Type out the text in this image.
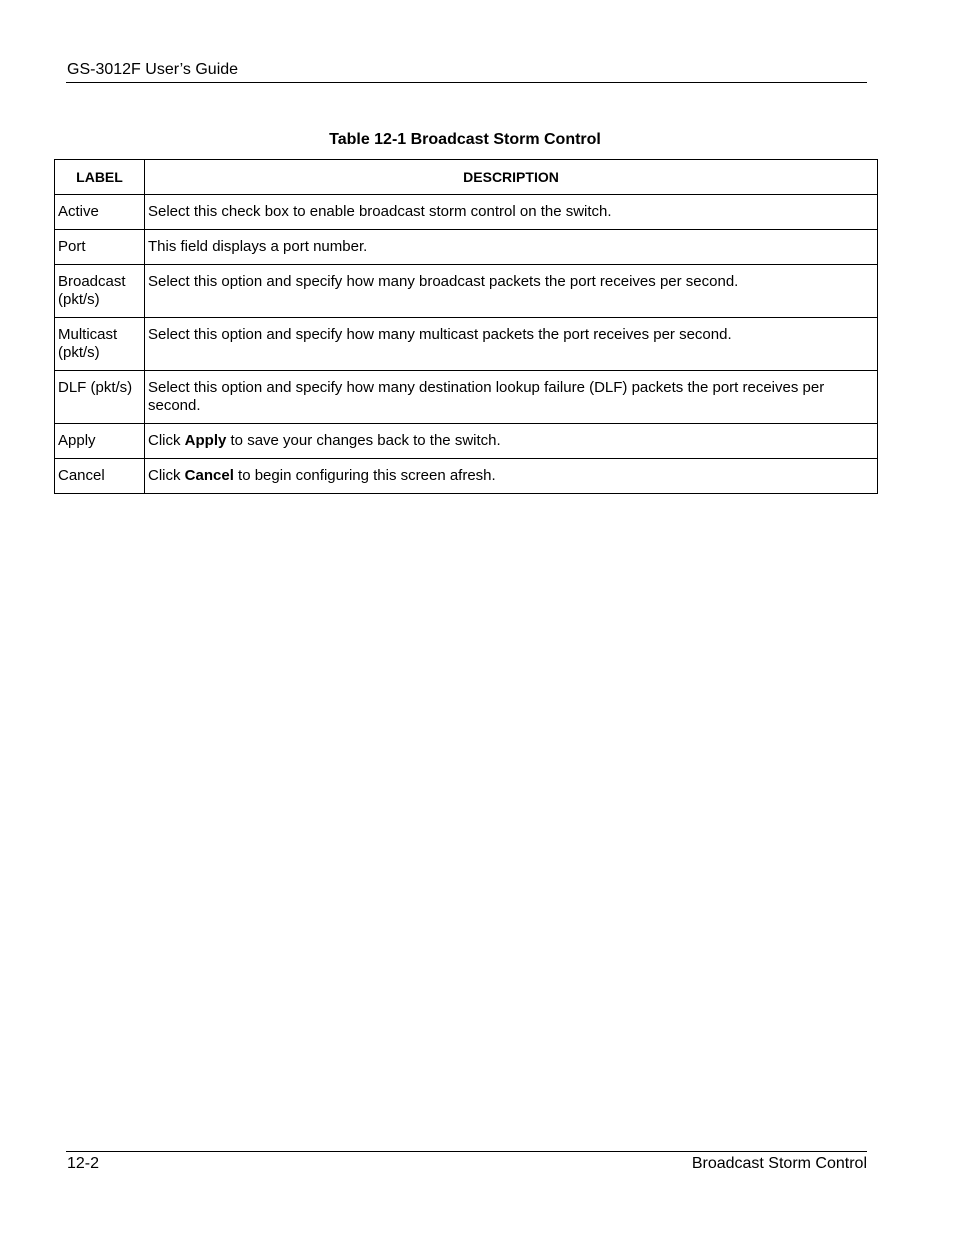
GS-3012F User’s Guide
Table 12-1 Broadcast Storm Control
LABEL	DESCRIPTION
Active	Select this check box to enable broadcast storm control on the switch.
Port	This field displays a port number.
Broadcast (pkt/s)	Select this option and specify how many broadcast packets the port receives per second.
Multicast (pkt/s)	Select this option and specify how many multicast packets the port receives per second.
DLF (pkt/s)	Select this option and specify how many destination lookup failure (DLF) packets the port receives per second.
Apply	Click Apply to save your changes back to the switch.
Cancel	Click Cancel to begin configuring this screen afresh.
12-2	Broadcast Storm Control
